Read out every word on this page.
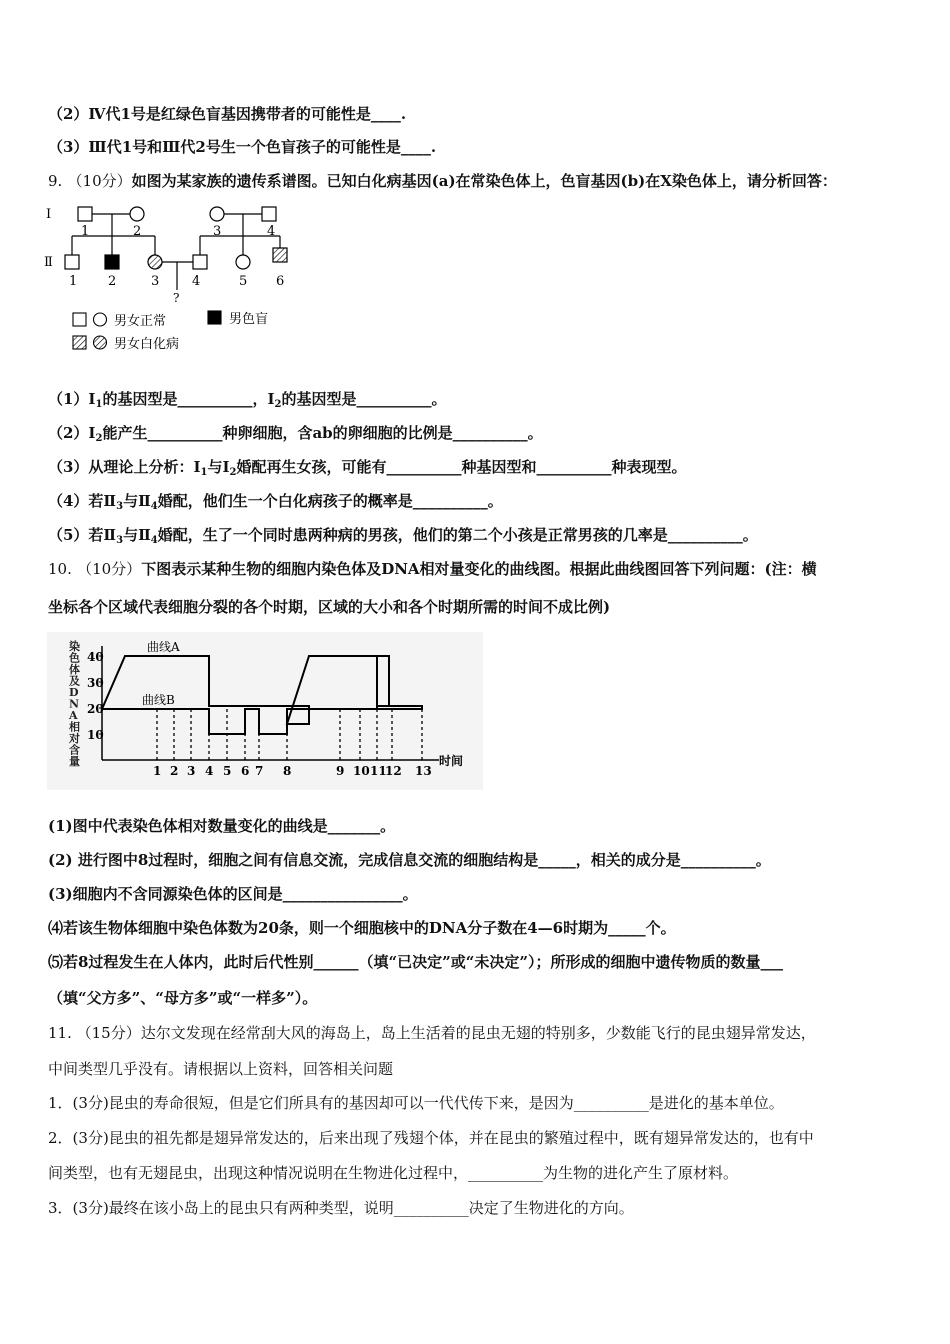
（2）Ⅳ代1号是红绿色盲基因携带者的可能性是____.
（3）Ⅲ代1号和Ⅲ代2号生一个色盲孩子的可能性是____.
9. （10分）如图为某家族的遗传系谱图。已知白化病基因(a)在常染色体上，色盲基因(b)在X染色体上，请分析回答：
Ⅰ
Ⅱ
1	2	3	4
1 2	3	4	5 6
?
男女正常	男色盲
男女白化病
$(1)Ⅰ_1$的基因型是__________，$Ⅰ_2$的基因型是__________。
$(2)Ⅰ_2$能产生__________种卵细胞，含ab的卵细胞的比例是__________。
（3）从理论上分析：$Ⅰ_1$与$Ⅰ_2$婚配再生女孩，可能有__________种基因型和__________种表现型。
（4）若$Ⅱ_3$与$Ⅱ_4$婚配，他们生一个白化病孩子的概率是__________。
（5）若$Ⅱ_3$与$Ⅱ_4$婚配，生了一个同时患两种病的男孩，他们的第二个小孩是正常男孩的几率是__________。
10. （10分）下图表示某种生物的细胞内染色体及DNA相对量变化的曲线图。根据此曲线图回答下列问题：(注：横
坐标各个区域代表细胞分裂的各个时期，区域的大小和各个时期所需的时间不成比例)
染
色
体
及
D
N
A
相
对
含
量
40
30
20
10
1 2 3 4 5 6 7 8	9 10 11
12 13
曲线A
曲线B
时间
(1)图中代表染色体相对数量变化的曲线是_______。
(2) 进行图中8过程时，细胞之间有信息交流，完成信息交流的细胞结构是_____，相关的成分是__________。
(3)细胞内不含同源染色体的区间是________________。
⑷若该生物体细胞中染色体数为20条，则一个细胞核中的DNA分子数在4—6时期为_____个。
⑸若8过程发生在人体内，此时后代性别______（填“已决定”或“未决定”）；所形成的细胞中遗传物质的数量___
（填“父方多”、“母方多”或“一样多”）。
11. （15分）达尔文发现在经常刮大风的海岛上，岛上生活着的昆虫无翅的特别多，少数能飞行的昆虫翅异常发达，
中间类型几乎没有。请根据以上资料，回答相关问题
1．(3分)昆虫的寿命很短，但是它们所具有的基因却可以一代代传下来，是因为__________是进化的基本单位。
2．(3分)昆虫的祖先都是翅异常发达的，后来出现了残翅个体，并在昆虫的繁殖过程中，既有翅异常发达的，也有中
间类型，也有无翅昆虫，出现这种情况说明在生物进化过程中，__________为生物的进化产生了原材料。
3．(3分)最终在该小岛上的昆虫只有两种类型，说明__________决定了生物进化的方向。
